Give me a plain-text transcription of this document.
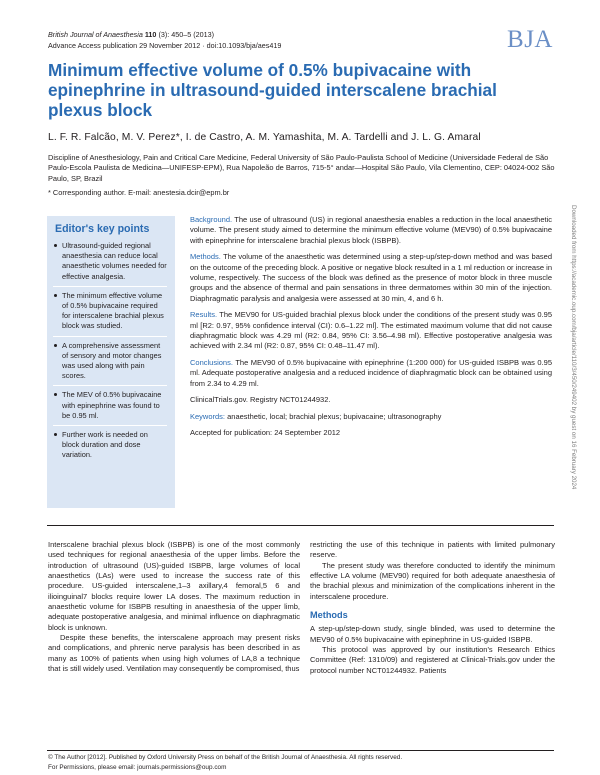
British Journal of Anaesthesia 110 (3): 450–5 (2013)
Advance Access publication 29 November 2012 · doi:10.1093/bja/aes419	BJA
Minimum effective volume of 0.5% bupivacaine with epinephrine in ultrasound-guided interscalene brachial plexus block
L. F. R. Falcão, M. V. Perez*, I. de Castro, A. M. Yamashita, M. A. Tardelli and J. L. G. Amaral
Discipline of Anesthesiology, Pain and Critical Care Medicine, Federal University of São Paulo-Paulista School of Medicine (Universidade Federal de São Paulo-Escola Paulista de Medicina—UNIFESP-EPM), Rua Napoleão de Barros, 715-5° andar—Hospital São Paulo, Vila Clementino, CEP: 04024-002 São Paulo, SP, Brazil
* Corresponding author. E-mail: anestesia.dcir@epm.br
Editor's key points
Ultrasound-guided regional anaesthesia can reduce local anaesthetic volumes needed for effective analgesia.
The minimum effective volume of 0.5% bupivacaine required for interscalene brachial plexus block was studied.
A comprehensive assessment of sensory and motor changes was used along with pain scores.
The MEV of 0.5% bupivacaine with epinephrine was found to be 0.95 ml.
Further work is needed on block duration and dose variation.

Background. The use of ultrasound (US) in regional anaesthesia enables a reduction in the local anaesthetic volume. The present study aimed to determine the minimum effective volume (MEV90) of 0.5% bupivacaine with epinephrine for interscalene brachial plexus block (ISBPB).

Methods. The volume of the anaesthetic was determined using a step-up/step-down method and was based on the outcome of the preceding block. A positive or negative block resulted in a 1 ml reduction or increase in volume, respectively. The success of the block was defined as the presence of motor block in three muscle groups and the absence of thermal and pain sensations in three dermatomes within 30 min of the injection. Diaphragmatic paralysis and analgesia were assessed at 30 min, 4, and 6 h.

Results. The MEV90 for US-guided brachial plexus block under the conditions of the present study was 0.95 ml [R2: 0.97, 95% confidence interval (CI): 0.6–1.22 ml]. The estimated maximum volume that did not cause diaphragmatic block was 4.29 ml (R2: 0.84, 95% CI: 3.56–4.98 ml). Effective postoperative analgesia was achieved with 2.34 ml (R2: 0.87, 95% CI: 0.48–11.47 ml).

Conclusions. The MEV90 of 0.5% bupivacaine with epinephrine (1:200 000) for US-guided ISBPB was 0.95 ml. Adequate postoperative analgesia and a reduced incidence of diaphragmatic block can be obtained using from 2.34 to 4.29 ml.

ClinicalTrials.gov. Registry NCT01244932.

Keywords: anaesthetic, local; brachial plexus; bupivacaine; ultrasonography

Accepted for publication: 24 September 2012

Interscalene brachial plexus block (ISBPB) is one of the most commonly used techniques for regional anaesthesia of the upper limbs. Before the introduction of ultrasound (US)-guided ISBPB, large volumes of local anaesthetics (LAs) were used to increase the success rate of this procedure. US-guided interscalene,1–3 axillary,4 femoral,5 6 and ilioinguinal7 blocks require lower LA doses. The maximum reduction in anaesthetic volume for ISBPB resulting in anaesthesia of the upper limb, adequate postoperative analgesia, and minimal influence on diaphragmatic block is unknown.

Despite these benefits, the interscalene approach may present risks and complications, and phrenic nerve paralysis has been described in as many as 100% of patients when using high volumes of LA,8 a technique that is still widely used. Ventilation may consequently be compromised, thus

restricting the use of this technique in patients with limited pulmonary reserve.

The present study was therefore conducted to identify the minimum effective LA volume (MEV90) required for both adequate anaesthesia of the brachial plexus and minimization of the complications inherent in the interscalene procedure.

Methods

A step-up/step-down study, single blinded, was used to determine the MEV90 of 0.5% bupivacaine with epinephrine in US-guided ISBPB.

This protocol was approved by our institution's Research Ethics Committee (Ref: 1310/09) and registered at Clinical-Trials.gov under the protocol number NCT01244932. Patients

© The Author [2012]. Published by Oxford University Press on behalf of the British Journal of Anaesthesia. All rights reserved.
For Permissions, please email: journals.permissions@oup.com
Downloaded from https://academic.oup.com/bja/article/110/3/450/249402 by guest on 16 February 2024
